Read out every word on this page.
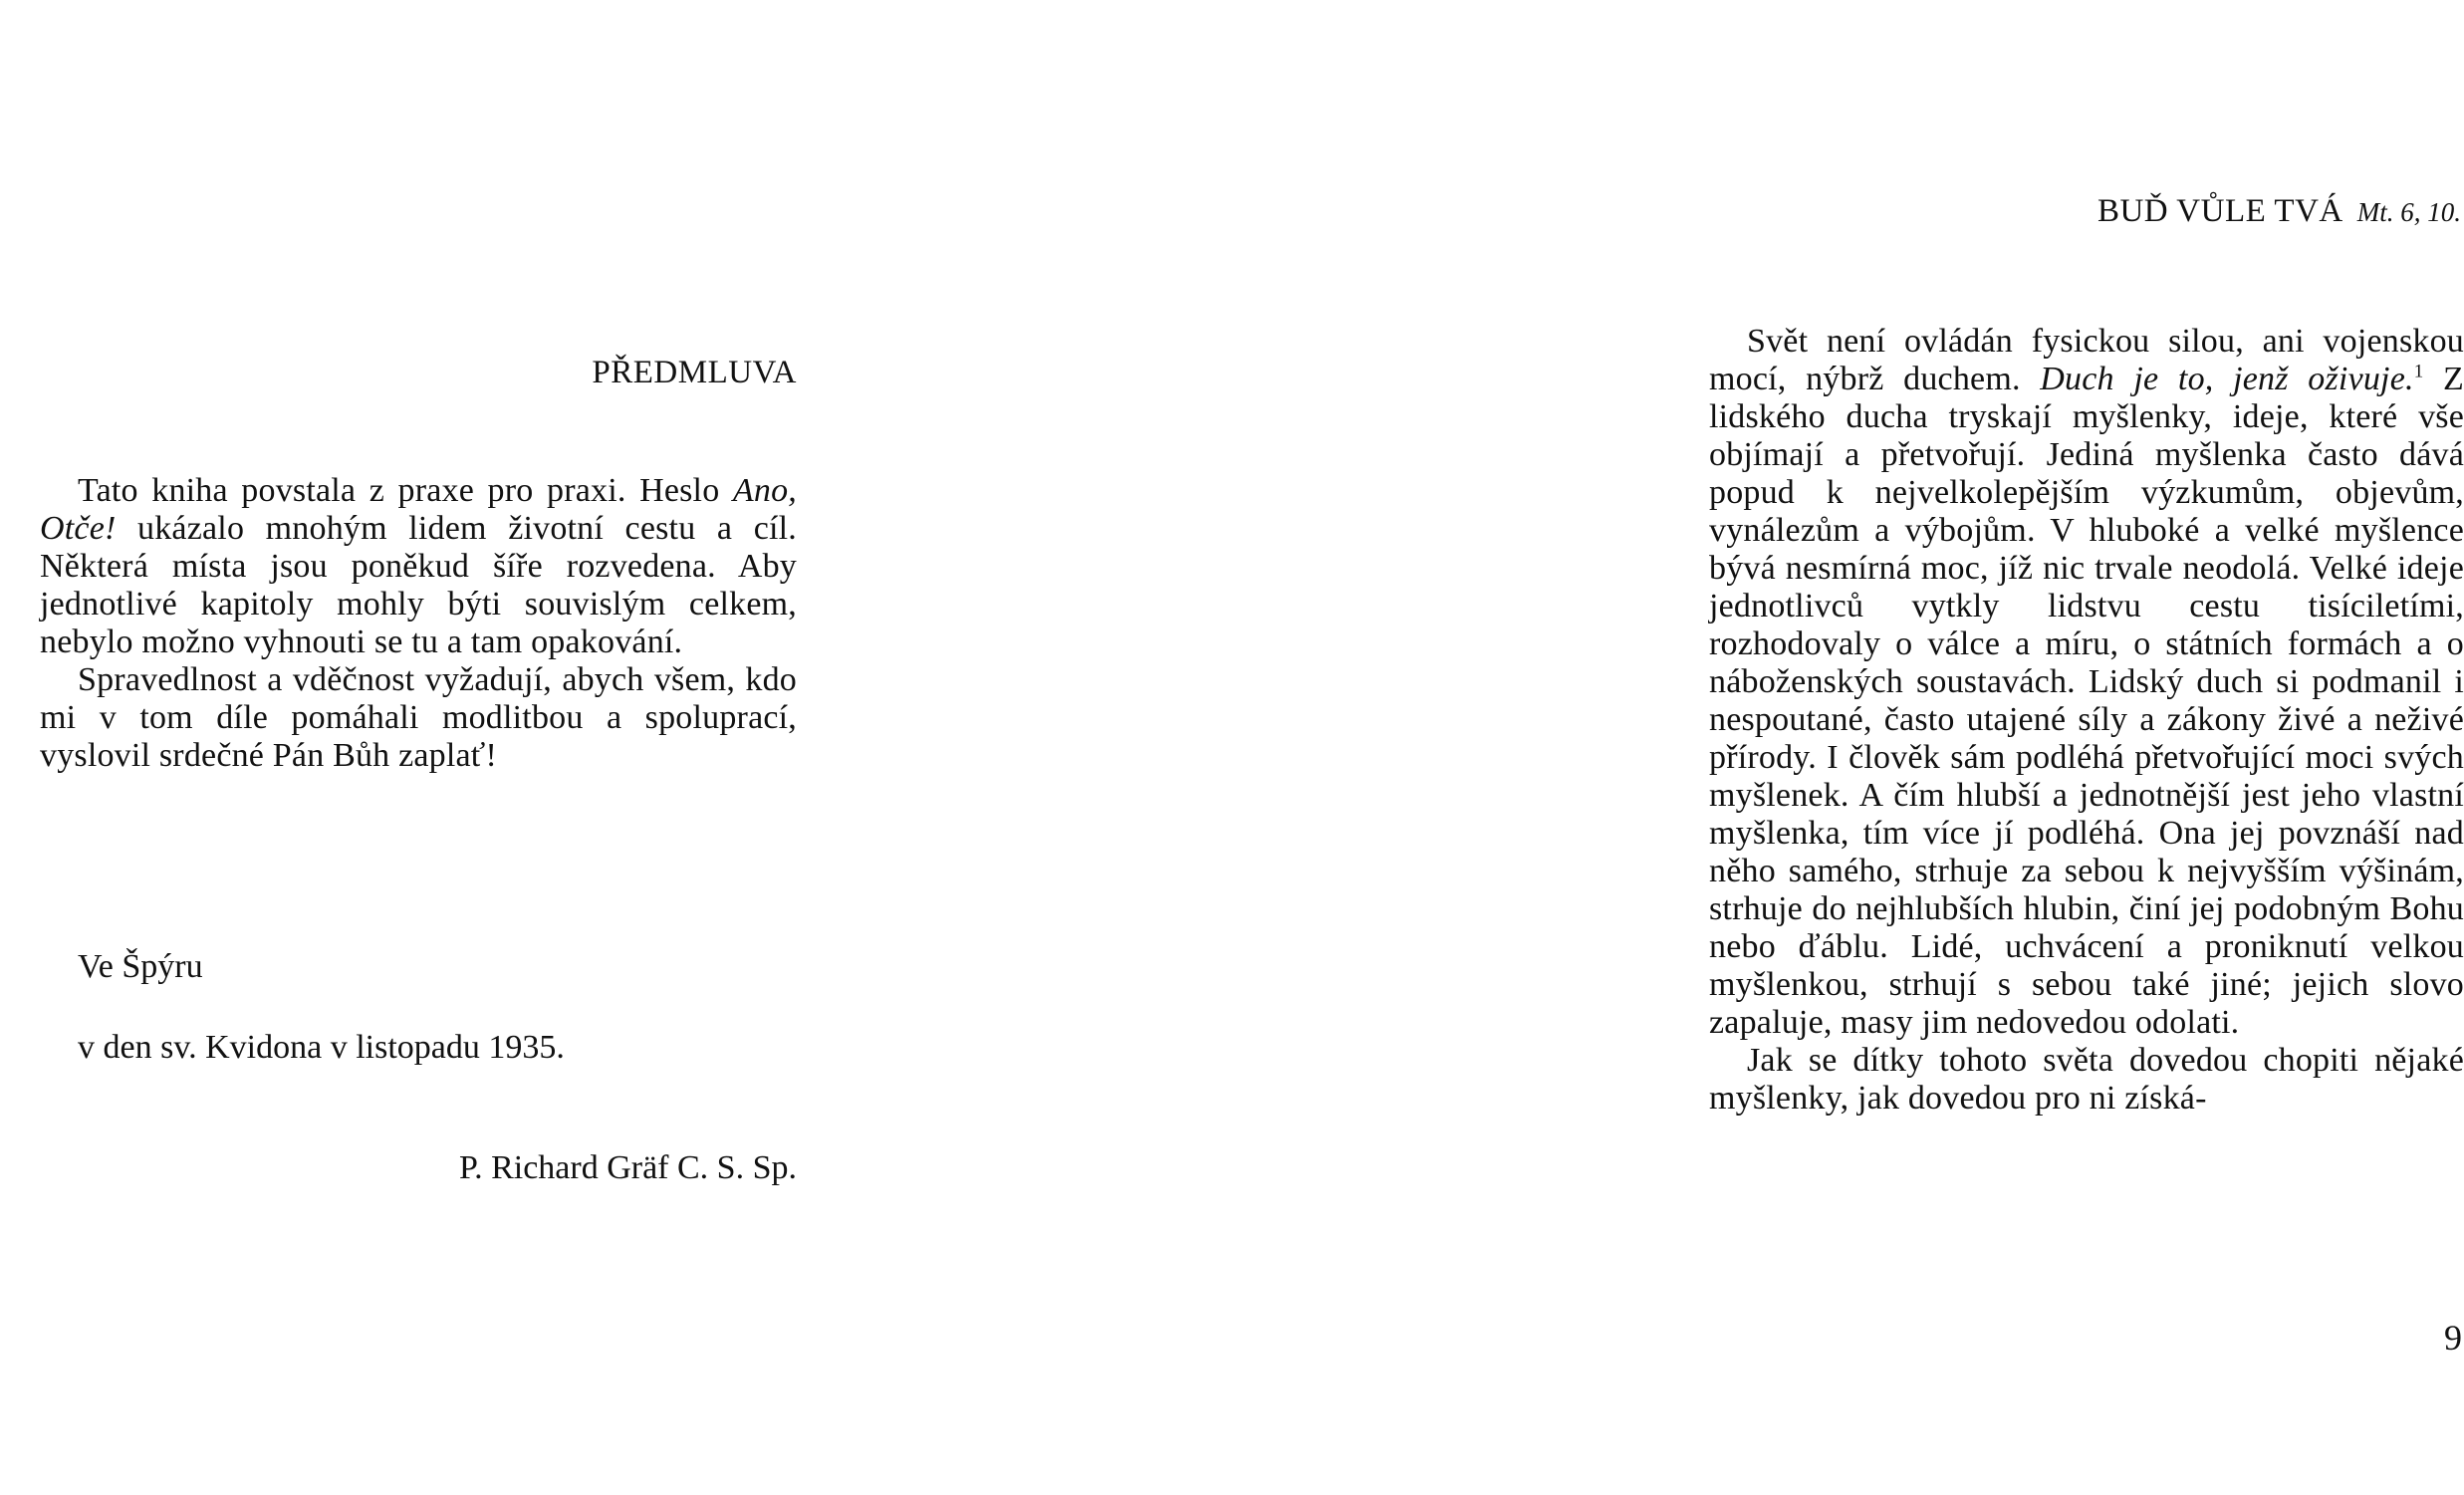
PŘEDMLUVA

Tato kniha povstala z praxe pro praxi. Heslo Ano, Otče! ukázalo mnohým lidem životní cestu a cíl. Některá místa jsou poněkud šíře rozvedena. Aby jednotlivé kapitoly mohly býti souvislým celkem, nebylo možno vyhnouti se tu a tam opakování.

Spravedlnost a vděčnost vyžadují, abych všem, kdo mi v tom díle pomáhali modlitbou a spoluprací, vyslovil srdečné Pán Bůh zaplať!

Ve Špýru

v den sv. Kvidona v listopadu 1935.

P. Richard Gräf C. S. Sp.

BUĎ VŮLE TVÁ Mt. 6, 10.

Svět není ovládán fysickou silou, ani vojenskou mocí, nýbrž duchem. Duch je to, jenž oživuje.$^1$ Z lidského ducha tryskají myšlenky, ideje, které vše objímají a přetvořují. Jediná myšlenka často dává popud k nejvelkolepějším výzkumům, objevům, vynálezům a výbojům. V hluboké a velké myšlence bývá nesmírná moc, jíž nic trvale neodolá. Velké ideje jednotlivců vytkly lidstvu cestu tisíciletími, rozhodovaly o válce a míru, o státních formách a o náboženských soustavách. Lidský duch si podmanil i nespoutané, často utajené síly a zákony živé a neživé přírody. I člověk sám podléhá přetvořující moci svých myšlenek. A čím hlubší a jednotnější jest jeho vlastní myšlenka, tím více jí podléhá. Ona jej povznáší nad něho samého, strhuje za sebou k nejvyšším výšinám, strhuje do nejhlubších hlubin, činí jej podobným Bohu nebo ďáblu. Lidé, uchvácení a proniknutí velkou myšlenkou, strhují s sebou také jiné; jejich slovo zapaluje, masy jim nedovedou odolati.

Jak se dítky tohoto světa dovedou chopiti nějaké myšlenky, jak dovedou pro ni získá-

9
